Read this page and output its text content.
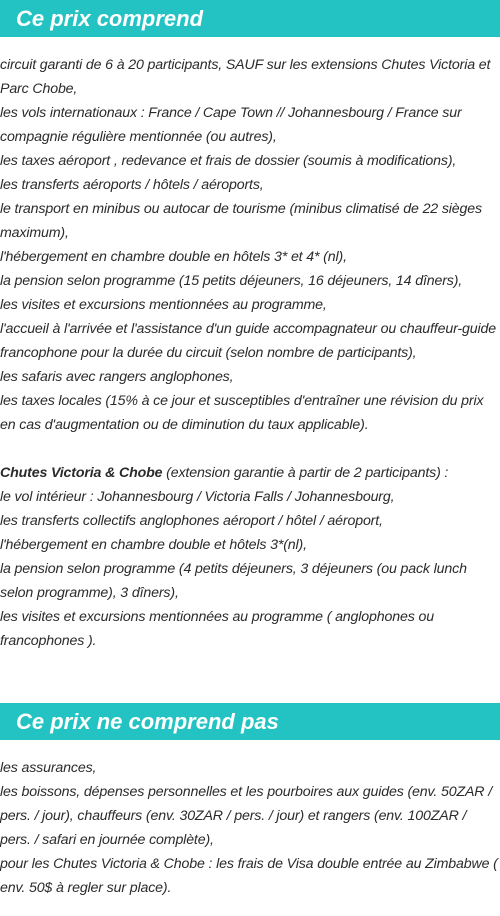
Ce prix comprend
circuit garanti de 6 à 20 participants, SAUF sur les extensions Chutes Victoria et Parc Chobe,
les vols internationaux : France / Cape Town // Johannesbourg / France sur compagnie régulière mentionnée (ou autres),
les taxes aéroport , redevance et frais de dossier (soumis à modifications),
les transferts aéroports / hôtels / aéroports,
le transport en minibus ou autocar de tourisme (minibus climatisé de 22 sièges maximum),
l'hébergement en chambre double en hôtels 3* et 4* (nl),
la pension selon programme (15 petits déjeuners, 16 déjeuners, 14 dîners),
les visites et excursions mentionnées au programme,
l'accueil à l'arrivée et l'assistance d'un guide accompagnateur ou chauffeur-guide francophone pour la durée du circuit (selon nombre de participants),
les safaris avec rangers anglophones,
les taxes locales (15% à ce jour et susceptibles d'entraîner une révision du prix en cas d'augmentation ou de diminution du taux applicable).
Chutes Victoria & Chobe (extension garantie à partir de 2 participants) :
le vol intérieur : Johannesbourg / Victoria Falls / Johannesbourg,
les transferts collectifs anglophones aéroport / hôtel / aéroport,
l'hébergement en chambre double et hôtels 3*(nl),
la pension selon programme (4 petits déjeuners, 3 déjeuners (ou pack lunch selon programme), 3 dîners),
les visites et excursions mentionnées au programme ( anglophones ou francophones ).
Ce prix ne comprend pas
les assurances,
les boissons, dépenses personnelles et les pourboires aux guides (env. 50ZAR / pers. / jour), chauffeurs (env. 30ZAR / pers. / jour) et rangers (env. 100ZAR / pers. / safari en journée complète),
pour les Chutes Victoria & Chobe : les frais de Visa double entrée au Zimbabwe ( env. 50$ à regler sur place).
